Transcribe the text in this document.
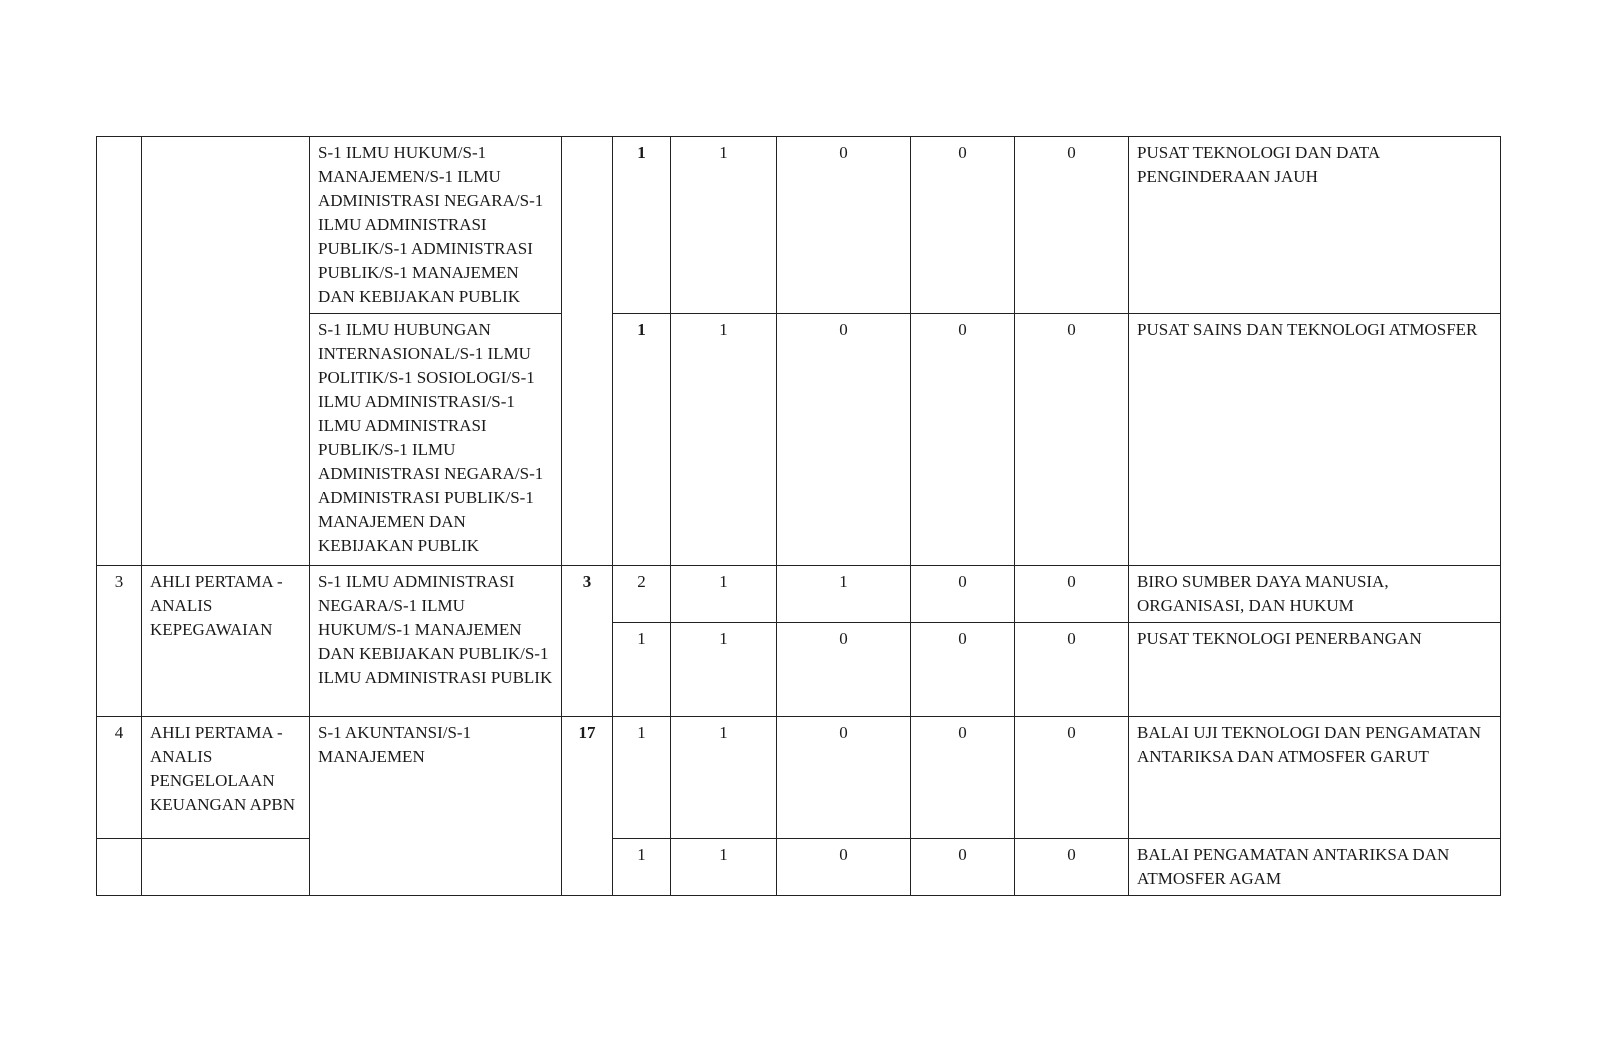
		S-1 ILMU HUKUM/S-1 MANAJEMEN/S-1 ILMU ADMINISTRASI NEGARA/S-1 ILMU ADMINISTRASI PUBLIK/S-1 ADMINISTRASI PUBLIK/S-1 MANAJEMEN DAN KEBIJAKAN PUBLIK		1	1	0	0	0	PUSAT TEKNOLOGI DAN DATA PENGINDERAAN JAUH
		S-1 ILMU HUBUNGAN INTERNASIONAL/S-1 ILMU POLITIK/S-1 SOSIOLOGI/S-1 ILMU ADMINISTRASI/S-1 ILMU ADMINISTRASI PUBLIK/S-1 ILMU ADMINISTRASI NEGARA/S-1 ADMINISTRASI PUBLIK/S-1 MANAJEMEN DAN KEBIJAKAN PUBLIK		1	1	0	0	0	PUSAT SAINS DAN TEKNOLOGI ATMOSFER
3	AHLI PERTAMA - ANALIS KEPEGAWAIAN	S-1 ILMU ADMINISTRASI NEGARA/S-1 ILMU HUKUM/S-1 MANAJEMEN DAN KEBIJAKAN PUBLIK/S-1 ILMU ADMINISTRASI PUBLIK	3	2	1	1	0	0	BIRO SUMBER DAYA MANUSIA, ORGANISASI, DAN HUKUM
				1	1	0	0	0	PUSAT TEKNOLOGI PENERBANGAN
4	AHLI PERTAMA - ANALIS PENGELOLAAN KEUANGAN APBN	S-1 AKUNTANSI/S-1 MANAJEMEN	17	1	1	0	0	0	BALAI UJI TEKNOLOGI DAN PENGAMATAN ANTARIKSA DAN ATMOSFER GARUT
				1	1	0	0	0	BALAI PENGAMATAN ANTARIKSA DAN ATMOSFER AGAM
